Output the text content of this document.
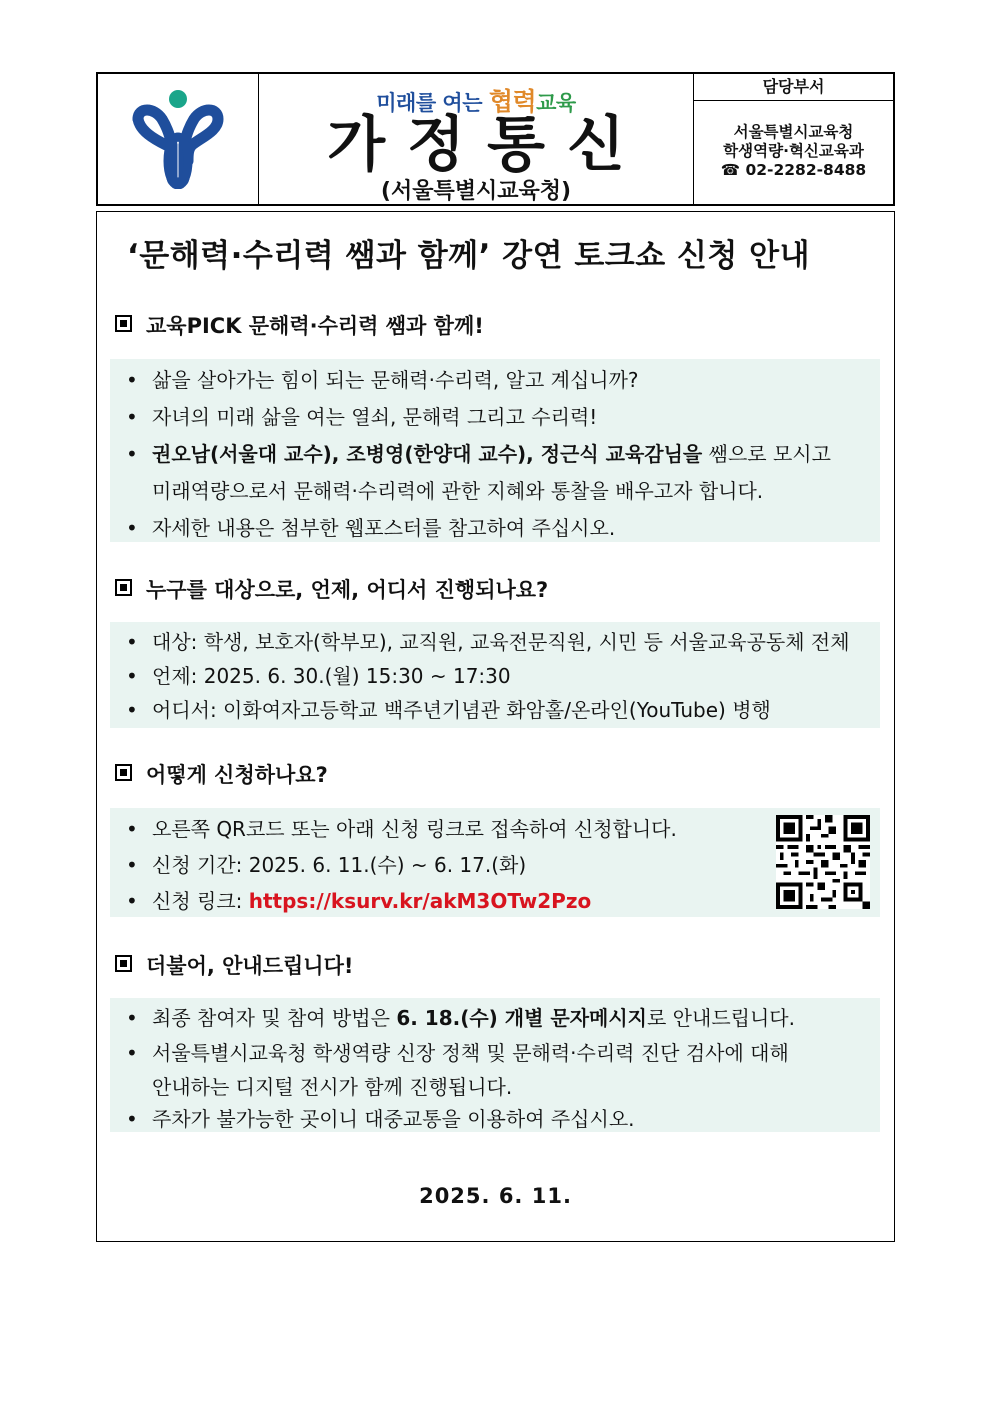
미래를 여는 협력교육
가정통신
(서울특별시교육청)
담당부서
서울특별시교육청
학생역량·혁신교육과
☎ 02-2282-8488
‘문해력·수리력 쌤과 함께’ 강연 토크쇼 신청 안내
교육PICK 문해력·수리력 쌤과 함께!
• 삶을 살아가는 힘이 되는 문해력·수리력, 알고 계십니까?
• 자녀의 미래 삶을 여는 열쇠, 문해력 그리고 수리력!
• 권오남(서울대 교수), 조병영(한양대 교수), 정근식 교육감님을 쌤으로 모시고
미래역량으로서 문해력·수리력에 관한 지혜와 통찰을 배우고자 합니다.
• 자세한 내용은 첨부한 웹포스터를 참고하여 주십시오.
누구를 대상으로, 언제, 어디서 진행되나요?
• 대상: 학생, 보호자(학부모), 교직원, 교육전문직원, 시민 등 서울교육공동체 전체
• 언제: 2025. 6. 30.(월) 15:30 ~ 17:30
• 어디서: 이화여자고등학교 백주년기념관 화암홀/온라인(YouTube) 병행
어떻게 신청하나요?
• 오른쪽 QR코드 또는 아래 신청 링크로 접속하여 신청합니다.
• 신청 기간: 2025. 6. 11.(수) ~ 6. 17.(화)
• 신청 링크: https://ksurv.kr/akM3OTw2Pzo
더불어, 안내드립니다!
• 최종 참여자 및 참여 방법은 6. 18.(수) 개별 문자메시지로 안내드립니다.
• 서울특별시교육청 학생역량 신장 정책 및 문해력·수리력 진단 검사에 대해
안내하는 디지털 전시가 함께 진행됩니다.
• 주차가 불가능한 곳이니 대중교통을 이용하여 주십시오.
2025. 6. 11.
